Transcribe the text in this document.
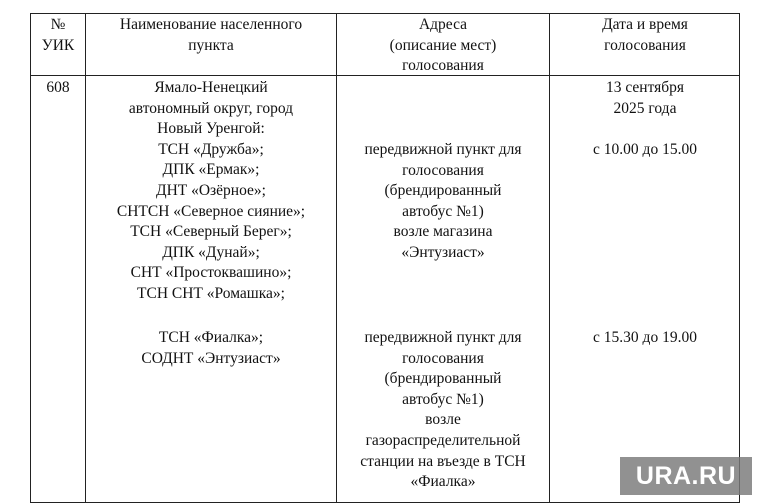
№
УИК
Наименование населенного
пункта
Адреса
(описание мест)
голосования
Дата и время
голосования
608	Ямало-Ненецкий
автономный округ, город
Новый Уренгой:
ТСН «Дружба»;
ДПК «Ермак»;
ДНТ «Озёрное»;
СНТСН «Северное сияние»;
ТСН «Северный Берег»;
ДПК «Дунай»;
СНТ «Простоквашино»;
ТСН СНТ «Ромашка»;
ТСН «Фиалка»;
СОДНТ «Энтузиаст»
передвижной пункт для
голосования
(брендированный
автобус №1)
возле магазина
«Энтузиаст»
передвижной пункт для
голосования
(брендированный
автобус №1)
возле
газораспределительной
станции на въезде в ТСН
«Фиалка»
13 сентября
2025 года
с 10.00 до 15.00
с 15.30 до 19.00
URA.RU
